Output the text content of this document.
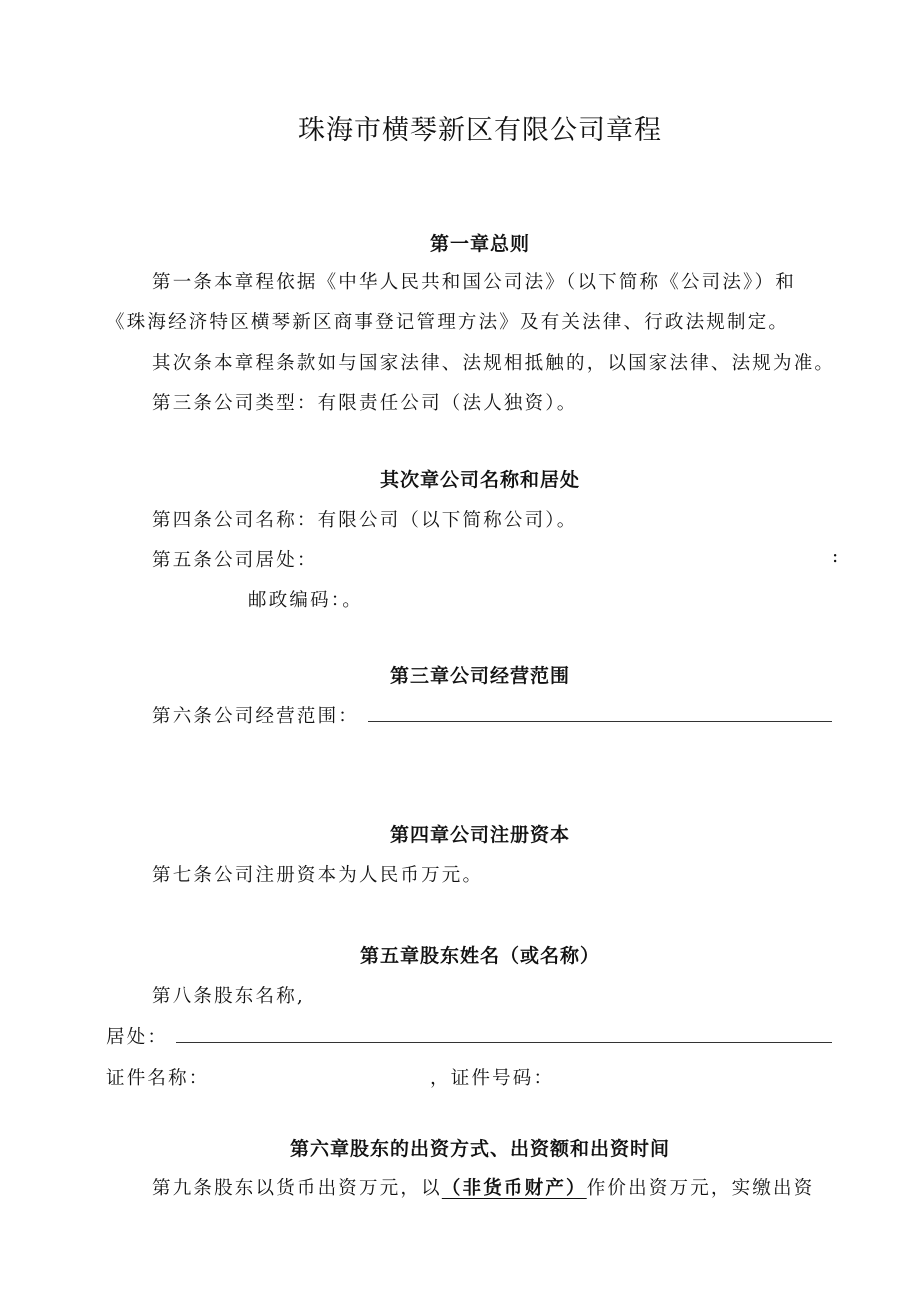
珠海市横琴新区有限公司章程
第一章总则
第一条本章程依据《中华人民共和国公司法》（以下简称《公司法》）和
《珠海经济特区横琴新区商事登记管理方法》及有关法律、行政法规制定。
其次条本章程条款如与国家法律、法规相抵触的，以国家法律、法规为准。
第三条公司类型：有限责任公司（法人独资）。
其次章公司名称和居处
第四条公司名称：有限公司（以下简称公司）。
第五条公司居处：	:
邮政编码：。
第三章公司经营范围
第六条公司经营范围：
第四章公司注册资本
第七条公司注册资本为人民币万元。
第五章股东姓名（或名称）
第八条股东名称,
居处：
证件名称：	，证件号码：
第六章股东的出资方式、出资额和出资时间
第九条股东以货币出资万元，以（非货币财产）作价出资万元，实缴出资
